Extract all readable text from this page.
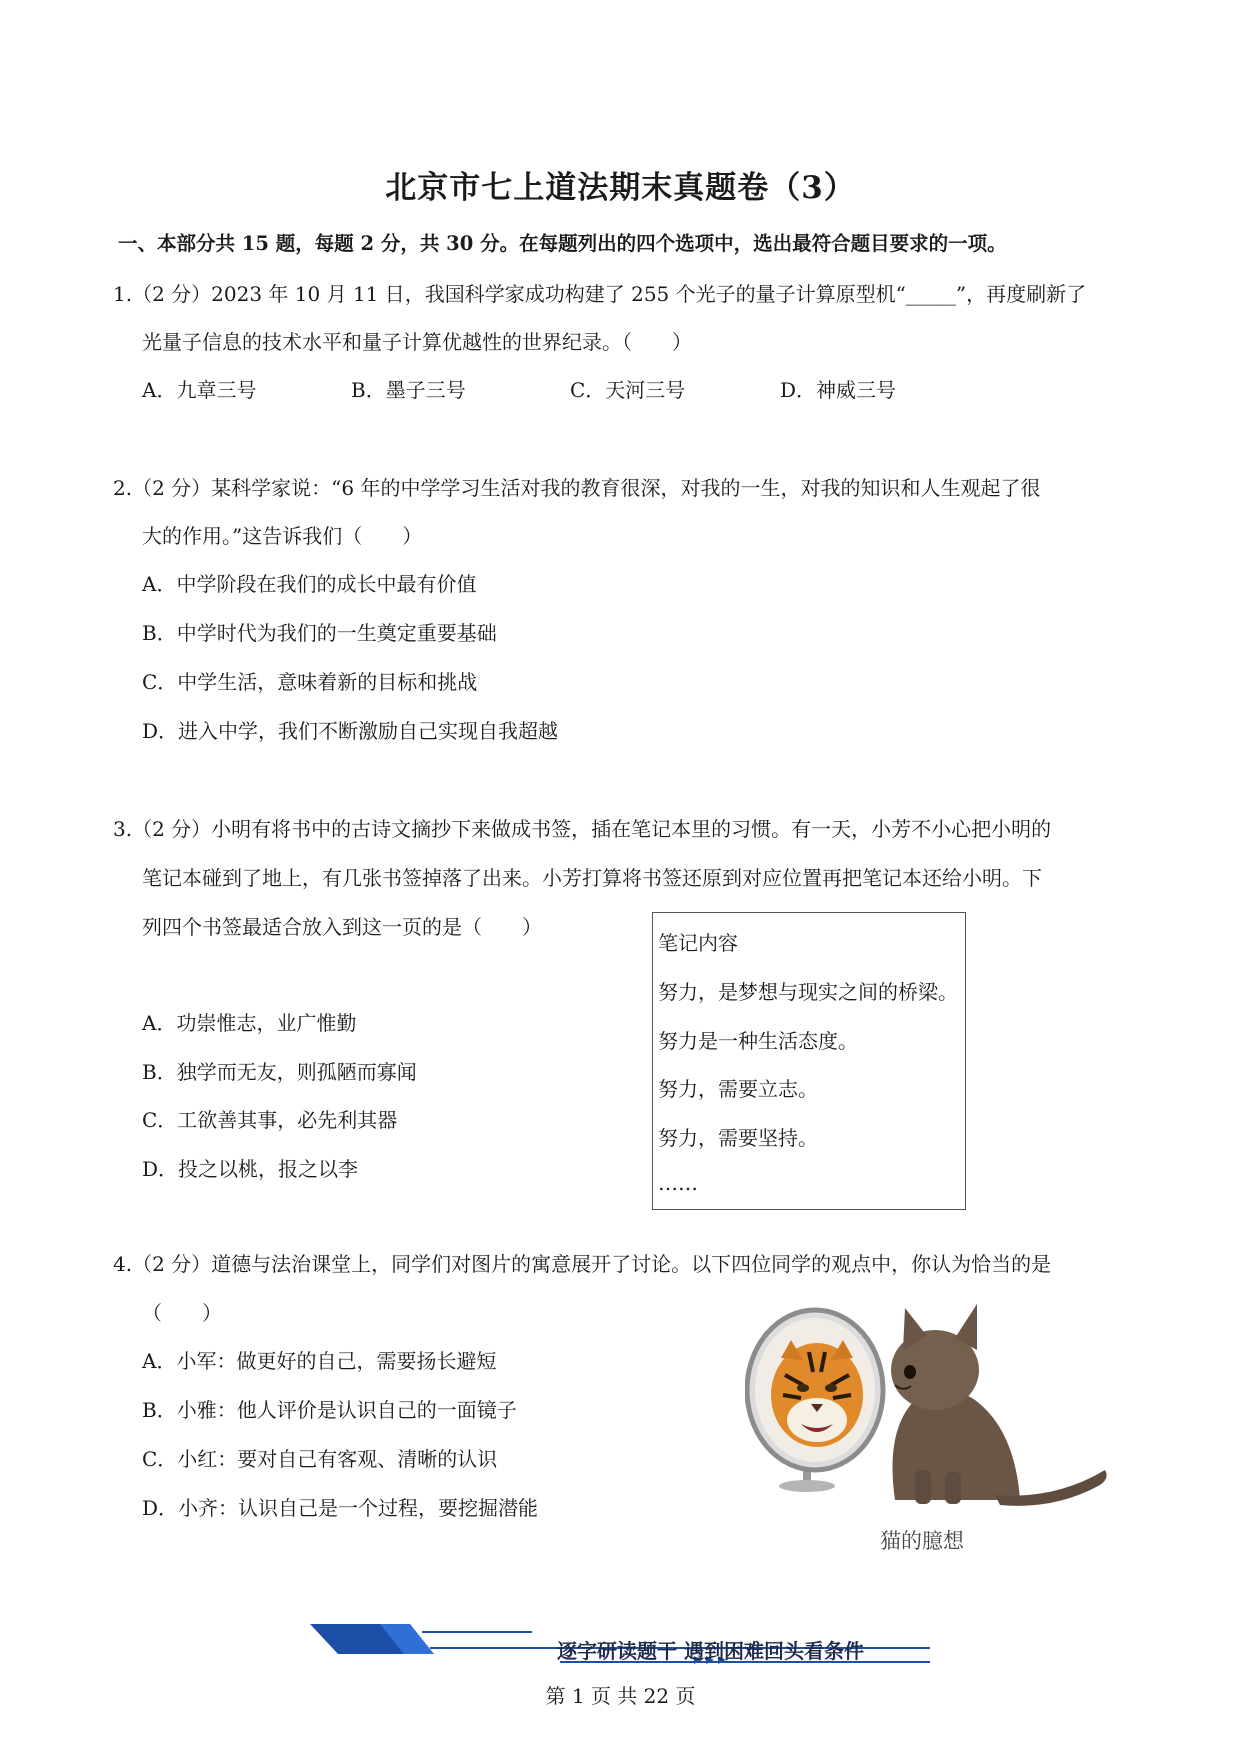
北京市七上道法期末真题卷（3）
一、本部分共 15 题，每题 2 分，共 30 分。在每题列出的四个选项中，选出最符合题目要求的一项。
1.（2 分）2023 年 10 月 11 日，我国科学家成功构建了 255 个光子的量子计算原型机“_____”，再度刷新了
光量子信息的技术水平和量子计算优越性的世界纪录。（　　）
A．九章三号	B．墨子三号	C．天河三号	D．神威三号
2.（2 分）某科学家说：“6 年的中学学习生活对我的教育很深，对我的一生，对我的知识和人生观起了很
大的作用。”这告诉我们（　　）
A．中学阶段在我们的成长中最有价值
B．中学时代为我们的一生奠定重要基础
C．中学生活，意味着新的目标和挑战
D．进入中学，我们不断激励自己实现自我超越
3.（2 分）小明有将书中的古诗文摘抄下来做成书签，插在笔记本里的习惯。有一天，小芳不小心把小明的
笔记本碰到了地上，有几张书签掉落了出来。小芳打算将书签还原到对应位置再把笔记本还给小明。下
列四个书签最适合放入到这一页的是（　　）
A．功崇惟志，业广惟勤
B．独学而无友，则孤陋而寡闻
C．工欲善其事，必先利其器
D．投之以桃，报之以李
笔记内容
努力，是梦想与现实之间的桥梁。
努力是一种生活态度。
努力，需要立志。
努力，需要坚持。
……
4.（2 分）道德与法治课堂上，同学们对图片的寓意展开了讨论。以下四位同学的观点中，你认为恰当的是
（　　）
A．小军：做更好的自己，需要扬长避短
B．小雅：他人评价是认识自己的一面镜子
C．小红：要对自己有客观、清晰的认识
D．小齐：认识自己是一个过程，要挖掘潜能
猫的臆想
逐字研读题干 遇到困难回头看条件
第 1 页 共 22 页
